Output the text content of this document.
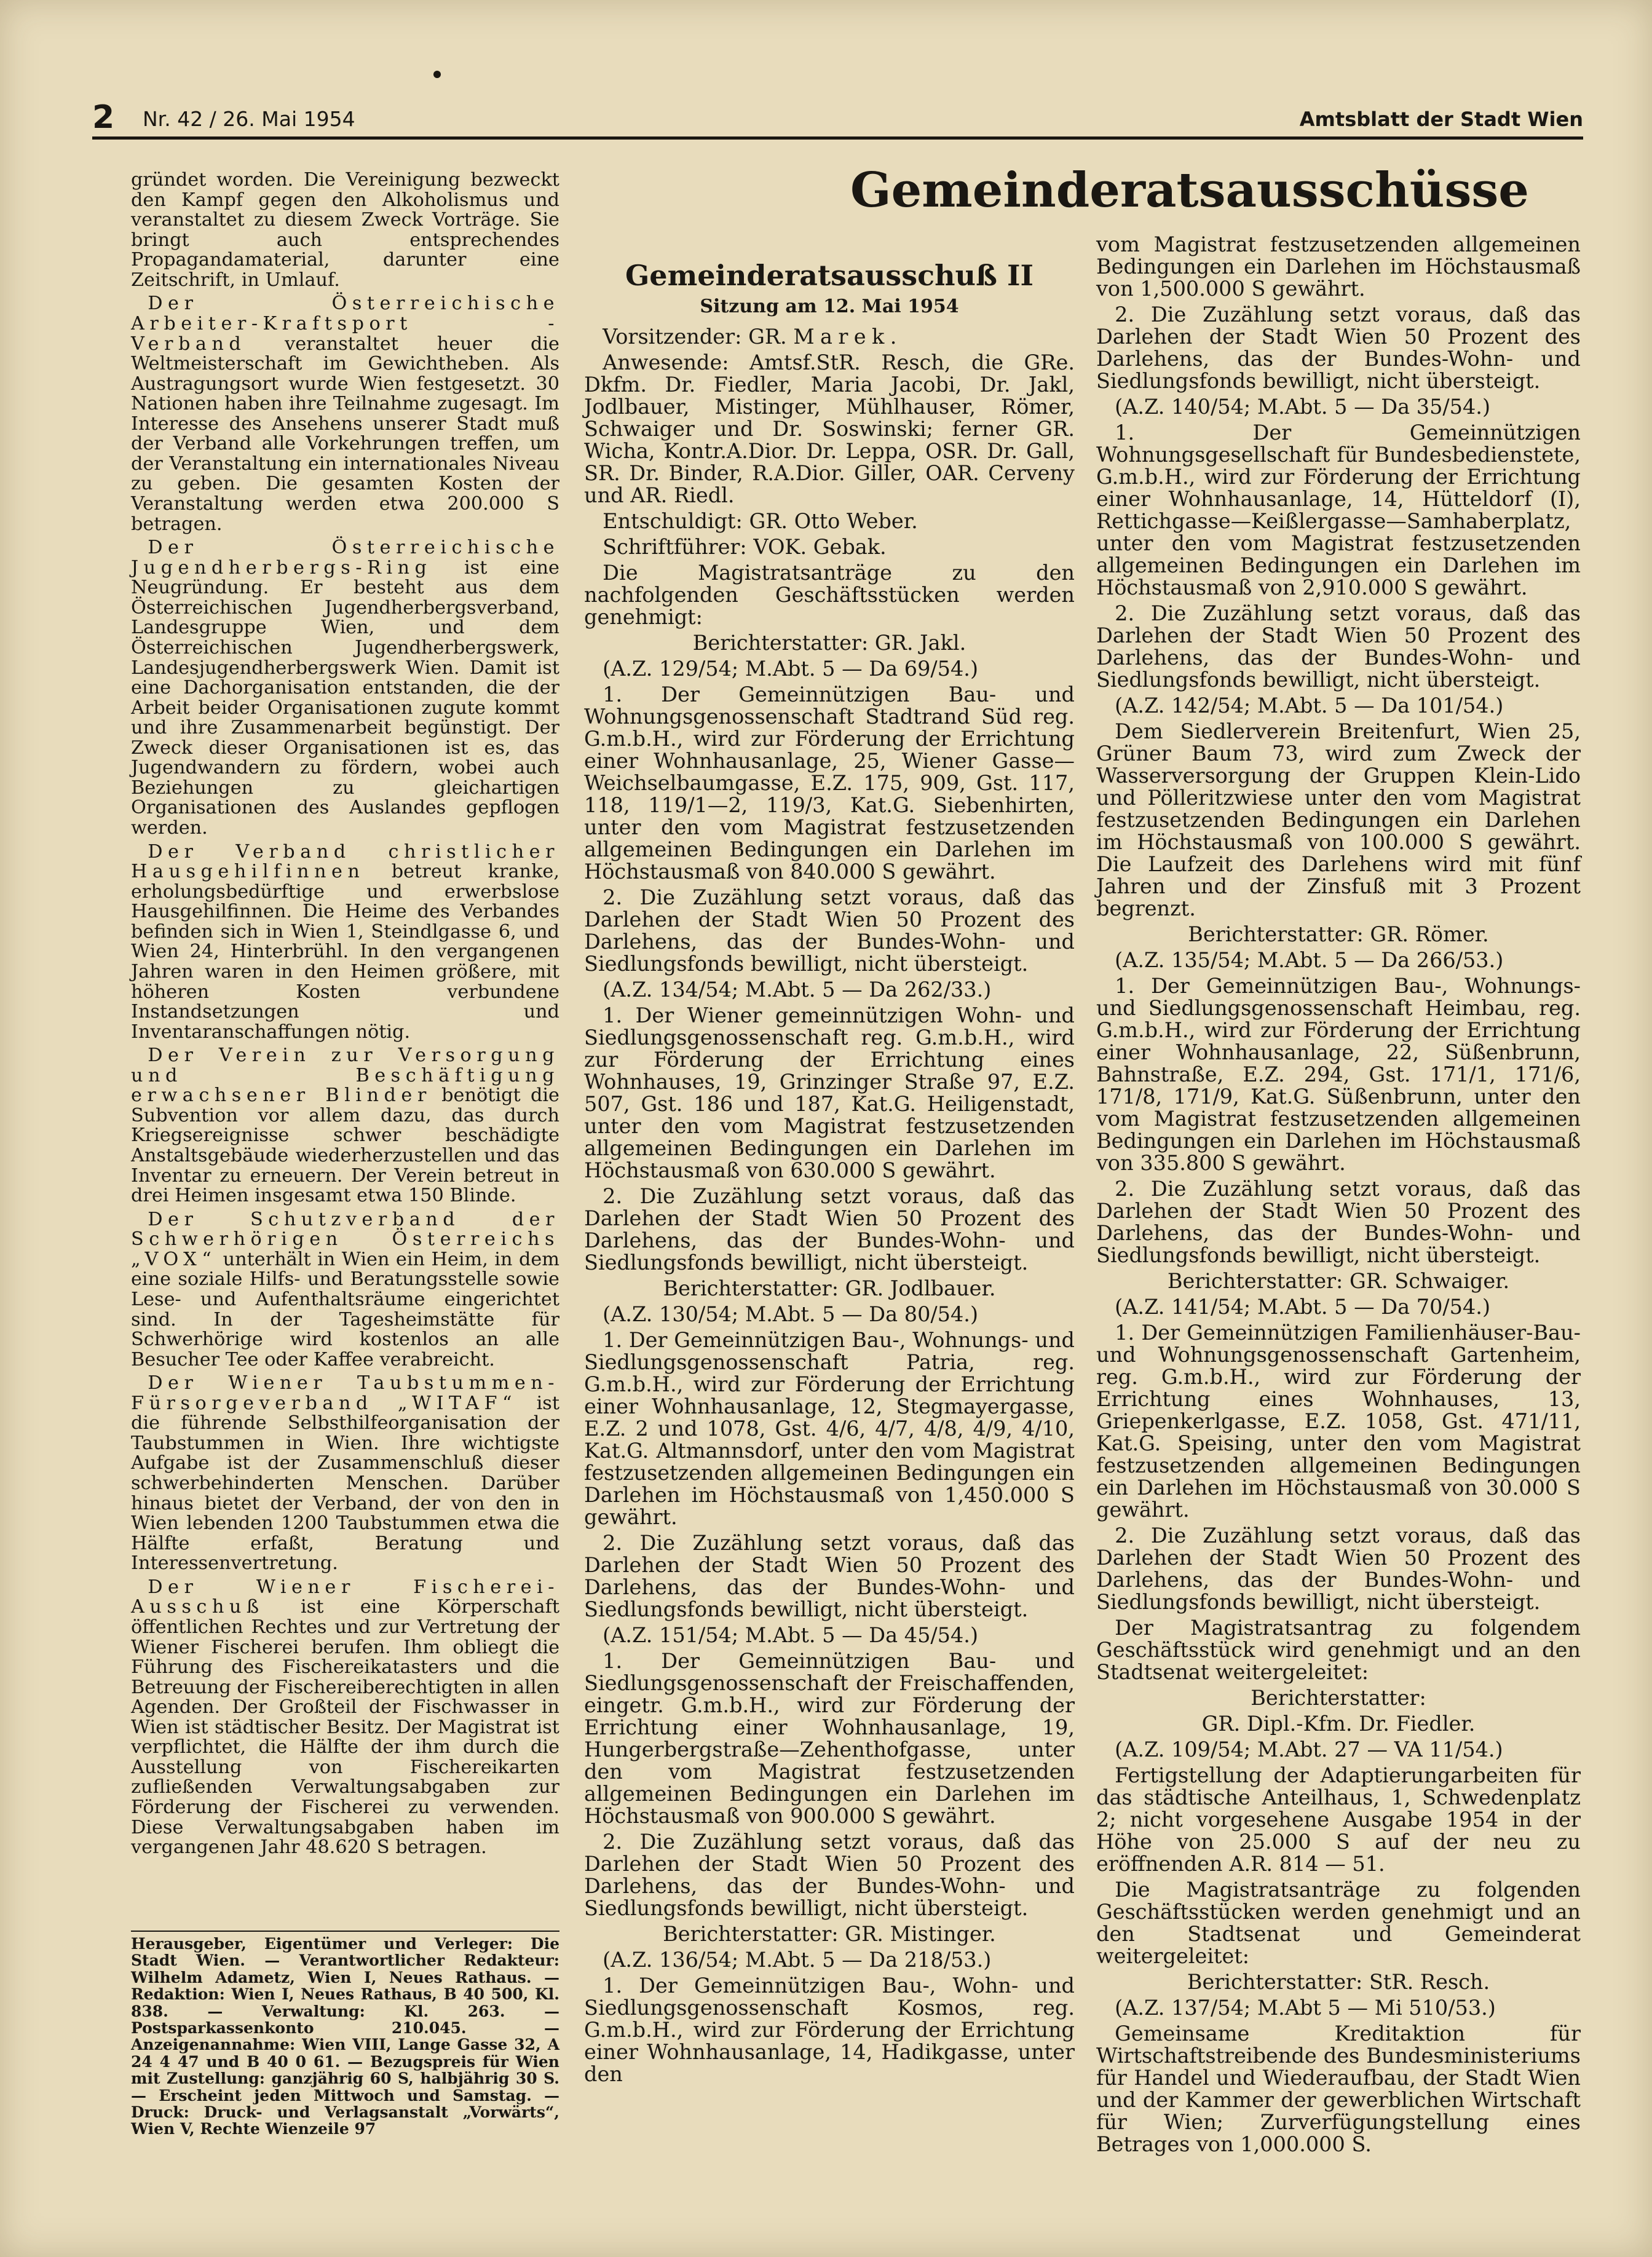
2 Nr. 42 / 26. Mai 1954	Amtsblatt der Stadt Wien

gründet worden. Die Vereinigung bezweckt den Kampf gegen den Alkoholismus und veranstaltet zu diesem Zweck Vorträge. Sie bringt auch entsprechendes Propagandamaterial, darunter eine Zeitschrift, in Umlauf.

Der Österreichische Arbeiter-Kraftsport - Verband veranstaltet heuer die Weltmeisterschaft im Gewichtheben. Als Austragungsort wurde Wien festgesetzt. 30 Nationen haben ihre Teilnahme zugesagt. Im Interesse des Ansehens unserer Stadt muß der Verband alle Vorkehrungen treffen, um der Veranstaltung ein internationales Niveau zu geben. Die gesamten Kosten der Veranstaltung werden etwa 200.000 S betragen.

Der Österreichische Jugendherbergs-Ring ist eine Neugründung. Er besteht aus dem Österreichischen Jugendherbergsverband, Landesgruppe Wien, und dem Österreichischen Jugendherbergswerk, Landesjugendherbergswerk Wien. Damit ist eine Dachorganisation entstanden, die der Arbeit beider Organisationen zugute kommt und ihre Zusammenarbeit begünstigt. Der Zweck dieser Organisationen ist es, das Jugendwandern zu fördern, wobei auch Beziehungen zu gleichartigen Organisationen des Auslandes gepflogen werden.

Der Verband christlicher Hausgehilfinnen betreut kranke, erholungsbedürftige und erwerbslose Hausgehilfinnen. Die Heime des Verbandes befinden sich in Wien 1, Steindlgasse 6, und Wien 24, Hinterbrühl. In den vergangenen Jahren waren in den Heimen größere, mit höheren Kosten verbundene Instandsetzungen und Inventaranschaffungen nötig.

Der Verein zur Versorgung und Beschäftigung erwachsener Blinder benötigt die Subvention vor allem dazu, das durch Kriegsereignisse schwer beschädigte Anstaltsgebäude wiederherzustellen und das Inventar zu erneuern. Der Verein betreut in drei Heimen insgesamt etwa 150 Blinde.

Der Schutzverband der Schwerhörigen Österreichs „VOX“ unterhält in Wien ein Heim, in dem eine soziale Hilfs- und Beratungsstelle sowie Lese- und Aufenthaltsräume eingerichtet sind. In der Tagesheimstätte für Schwerhörige wird kostenlos an alle Besucher Tee oder Kaffee verabreicht.

Der Wiener Taubstummen-Fürsorgeverband „WITAF“ ist die führende Selbsthilfeorganisation der Taubstummen in Wien. Ihre wichtigste Aufgabe ist der Zusammenschluß dieser schwerbehinderten Menschen. Darüber hinaus bietet der Verband, der von den in Wien lebenden 1200 Taubstummen etwa die Hälfte erfaßt, Beratung und Interessenvertretung.

Der Wiener Fischerei-Ausschuß ist eine Körperschaft öffentlichen Rechtes und zur Vertretung der Wiener Fischerei berufen. Ihm obliegt die Führung des Fischereikatasters und die Betreuung der Fischereiberechtigten in allen Agenden. Der Großteil der Fischwasser in Wien ist städtischer Besitz. Der Magistrat ist verpflichtet, die Hälfte der ihm durch die Ausstellung von Fischereikarten zufließenden Verwaltungsabgaben zur Förderung der Fischerei zu verwenden. Diese Verwaltungsabgaben haben im vergangenen Jahr 48.620 S betragen.

Herausgeber, Eigentümer und Verleger: Die Stadt Wien. — Verantwortlicher Redakteur: Wilhelm Adametz, Wien I, Neues Rathaus. — Redaktion: Wien I, Neues Rathaus, B 40 500, Kl. 838. — Verwaltung: Kl. 263. — Postsparkassenkonto 210.045. — Anzeigenannahme: Wien VIII, Lange Gasse 32, A 24 4 47 und B 40 0 61. — Bezugspreis für Wien mit Zustellung: ganzjährig 60 S, halbjährig 30 S. — Erscheint jeden Mittwoch und Samstag. — Druck: Druck- und Verlagsanstalt „Vorwärts“, Wien V, Rechte Wienzeile 97
Gemeinderatsausschüsse
Gemeinderatsausschuß II
Sitzung am 12. Mai 1954

Vorsitzender: GR. Marek.

Anwesende: Amtsf.StR. Resch, die GRe. Dkfm. Dr. Fiedler, Maria Jacobi, Dr. Jakl, Jodlbauer, Mistinger, Mühlhauser, Römer, Schwaiger und Dr. Soswinski; ferner GR. Wicha, Kontr.A.Dior. Dr. Leppa, OSR. Dr. Gall, SR. Dr. Binder, R.A.Dior. Giller, OAR. Cerveny und AR. Riedl.

Entschuldigt: GR. Otto Weber.

Schriftführer: VOK. Gebak.

Die Magistratsanträge zu den nachfolgenden Geschäftsstücken werden genehmigt:

Berichterstatter: GR. Jakl.

(A.Z. 129/54; M.Abt. 5 — Da 69/54.)

1. Der Gemeinnützigen Bau- und Wohnungsgenossenschaft Stadtrand Süd reg. G.m.b.H., wird zur Förderung der Errichtung einer Wohnhausanlage, 25, Wiener Gasse—Weichselbaumgasse, E.Z. 175, 909, Gst. 117, 118, 119/1—2, 119/3, Kat.G. Siebenhirten, unter den vom Magistrat festzusetzenden allgemeinen Bedingungen ein Darlehen im Höchstausmaß von 840.000 S gewährt.

2. Die Zuzählung setzt voraus, daß das Darlehen der Stadt Wien 50 Prozent des Darlehens, das der Bundes-Wohn- und Siedlungsfonds bewilligt, nicht übersteigt.

(A.Z. 134/54; M.Abt. 5 — Da 262/33.)

1. Der Wiener gemeinnützigen Wohn- und Siedlungsgenossenschaft reg. G.m.b.H., wird zur Förderung der Errichtung eines Wohnhauses, 19, Grinzinger Straße 97, E.Z. 507, Gst. 186 und 187, Kat.G. Heiligenstadt, unter den vom Magistrat festzusetzenden allgemeinen Bedingungen ein Darlehen im Höchstausmaß von 630.000 S gewährt.

2. Die Zuzählung setzt voraus, daß das Darlehen der Stadt Wien 50 Prozent des Darlehens, das der Bundes-Wohn- und Siedlungsfonds bewilligt, nicht übersteigt.

Berichterstatter: GR. Jodlbauer.

(A.Z. 130/54; M.Abt. 5 — Da 80/54.)

1. Der Gemeinnützigen Bau-, Wohnungs- und Siedlungsgenossenschaft Patria, reg. G.m.b.H., wird zur Förderung der Errichtung einer Wohnhausanlage, 12, Stegmayergasse, E.Z. 2 und 1078, Gst. 4/6, 4/7, 4/8, 4/9, 4/10, Kat.G. Altmannsdorf, unter den vom Magistrat festzusetzenden allgemeinen Bedingungen ein Darlehen im Höchstausmaß von 1,450.000 S gewährt.

2. Die Zuzählung setzt voraus, daß das Darlehen der Stadt Wien 50 Prozent des Darlehens, das der Bundes-Wohn- und Siedlungsfonds bewilligt, nicht übersteigt.

(A.Z. 151/54; M.Abt. 5 — Da 45/54.)

1. Der Gemeinnützigen Bau- und Siedlungsgenossenschaft der Freischaffenden, eingetr. G.m.b.H., wird zur Förderung der Errichtung einer Wohnhausanlage, 19, Hungerbergstraße—Zehenthofgasse, unter den vom Magistrat festzusetzenden allgemeinen Bedingungen ein Darlehen im Höchstausmaß von 900.000 S gewährt.

2. Die Zuzählung setzt voraus, daß das Darlehen der Stadt Wien 50 Prozent des Darlehens, das der Bundes-Wohn- und Siedlungsfonds bewilligt, nicht übersteigt.

Berichterstatter: GR. Mistinger.

(A.Z. 136/54; M.Abt. 5 — Da 218/53.)

1. Der Gemeinnützigen Bau-, Wohn- und Siedlungsgenossenschaft Kosmos, reg. G.m.b.H., wird zur Förderung der Errichtung einer Wohnhausanlage, 14, Hadikgasse, unter den

vom Magistrat festzusetzenden allgemeinen Bedingungen ein Darlehen im Höchstausmaß von 1,500.000 S gewährt.

2. Die Zuzählung setzt voraus, daß das Darlehen der Stadt Wien 50 Prozent des Darlehens, das der Bundes-Wohn- und Siedlungsfonds bewilligt, nicht übersteigt.

(A.Z. 140/54; M.Abt. 5 — Da 35/54.)

1. Der Gemeinnützigen Wohnungsgesellschaft für Bundesbedienstete, G.m.b.H., wird zur Förderung der Errichtung einer Wohnhausanlage, 14, Hütteldorf (I), Rettichgasse—Keißlergasse—Samhaberplatz, unter den vom Magistrat festzusetzenden allgemeinen Bedingungen ein Darlehen im Höchstausmaß von 2,910.000 S gewährt.

2. Die Zuzählung setzt voraus, daß das Darlehen der Stadt Wien 50 Prozent des Darlehens, das der Bundes-Wohn- und Siedlungsfonds bewilligt, nicht übersteigt.

(A.Z. 142/54; M.Abt. 5 — Da 101/54.)

Dem Siedlerverein Breitenfurt, Wien 25, Grüner Baum 73, wird zum Zweck der Wasserversorgung der Gruppen Klein-Lido und Pölleritzwiese unter den vom Magistrat festzusetzenden Bedingungen ein Darlehen im Höchstausmaß von 100.000 S gewährt. Die Laufzeit des Darlehens wird mit fünf Jahren und der Zinsfuß mit 3 Prozent begrenzt.

Berichterstatter: GR. Römer.

(A.Z. 135/54; M.Abt. 5 — Da 266/53.)

1. Der Gemeinnützigen Bau-, Wohnungs- und Siedlungsgenossenschaft Heimbau, reg. G.m.b.H., wird zur Förderung der Errichtung einer Wohnhausanlage, 22, Süßenbrunn, Bahnstraße, E.Z. 294, Gst. 171/1, 171/6, 171/8, 171/9, Kat.G. Süßenbrunn, unter den vom Magistrat festzusetzenden allgemeinen Bedingungen ein Darlehen im Höchstausmaß von 335.800 S gewährt.

2. Die Zuzählung setzt voraus, daß das Darlehen der Stadt Wien 50 Prozent des Darlehens, das der Bundes-Wohn- und Siedlungsfonds bewilligt, nicht übersteigt.

Berichterstatter: GR. Schwaiger.

(A.Z. 141/54; M.Abt. 5 — Da 70/54.)

1. Der Gemeinnützigen Familienhäuser-Bau- und Wohnungsgenossenschaft Gartenheim, reg. G.m.b.H., wird zur Förderung der Errichtung eines Wohnhauses, 13, Griepenkerlgasse, E.Z. 1058, Gst. 471/11, Kat.G. Speising, unter den vom Magistrat festzusetzenden allgemeinen Bedingungen ein Darlehen im Höchstausmaß von 30.000 S gewährt.

2. Die Zuzählung setzt voraus, daß das Darlehen der Stadt Wien 50 Prozent des Darlehens, das der Bundes-Wohn- und Siedlungsfonds bewilligt, nicht übersteigt.

Der Magistratsantrag zu folgendem Geschäftsstück wird genehmigt und an den Stadtsenat weitergeleitet:

Berichterstatter:

GR. Dipl.-Kfm. Dr. Fiedler.

(A.Z. 109/54; M.Abt. 27 — VA 11/54.)

Fertigstellung der Adaptierungarbeiten für das städtische Anteilhaus, 1, Schwedenplatz 2; nicht vorgesehene Ausgabe 1954 in der Höhe von 25.000 S auf der neu zu eröffnenden A.R. 814 — 51.

Die Magistratsanträge zu folgenden Geschäftsstücken werden genehmigt und an den Stadtsenat und Gemeinderat weitergeleitet:

Berichterstatter: StR. Resch.

(A.Z. 137/54; M.Abt 5 — Mi 510/53.)

Gemeinsame Kreditaktion für Wirtschaftstreibende des Bundesministeriums für Handel und Wiederaufbau, der Stadt Wien und der Kammer der gewerblichen Wirtschaft für Wien; Zurverfügungstellung eines Betrages von 1,000.000 S.
